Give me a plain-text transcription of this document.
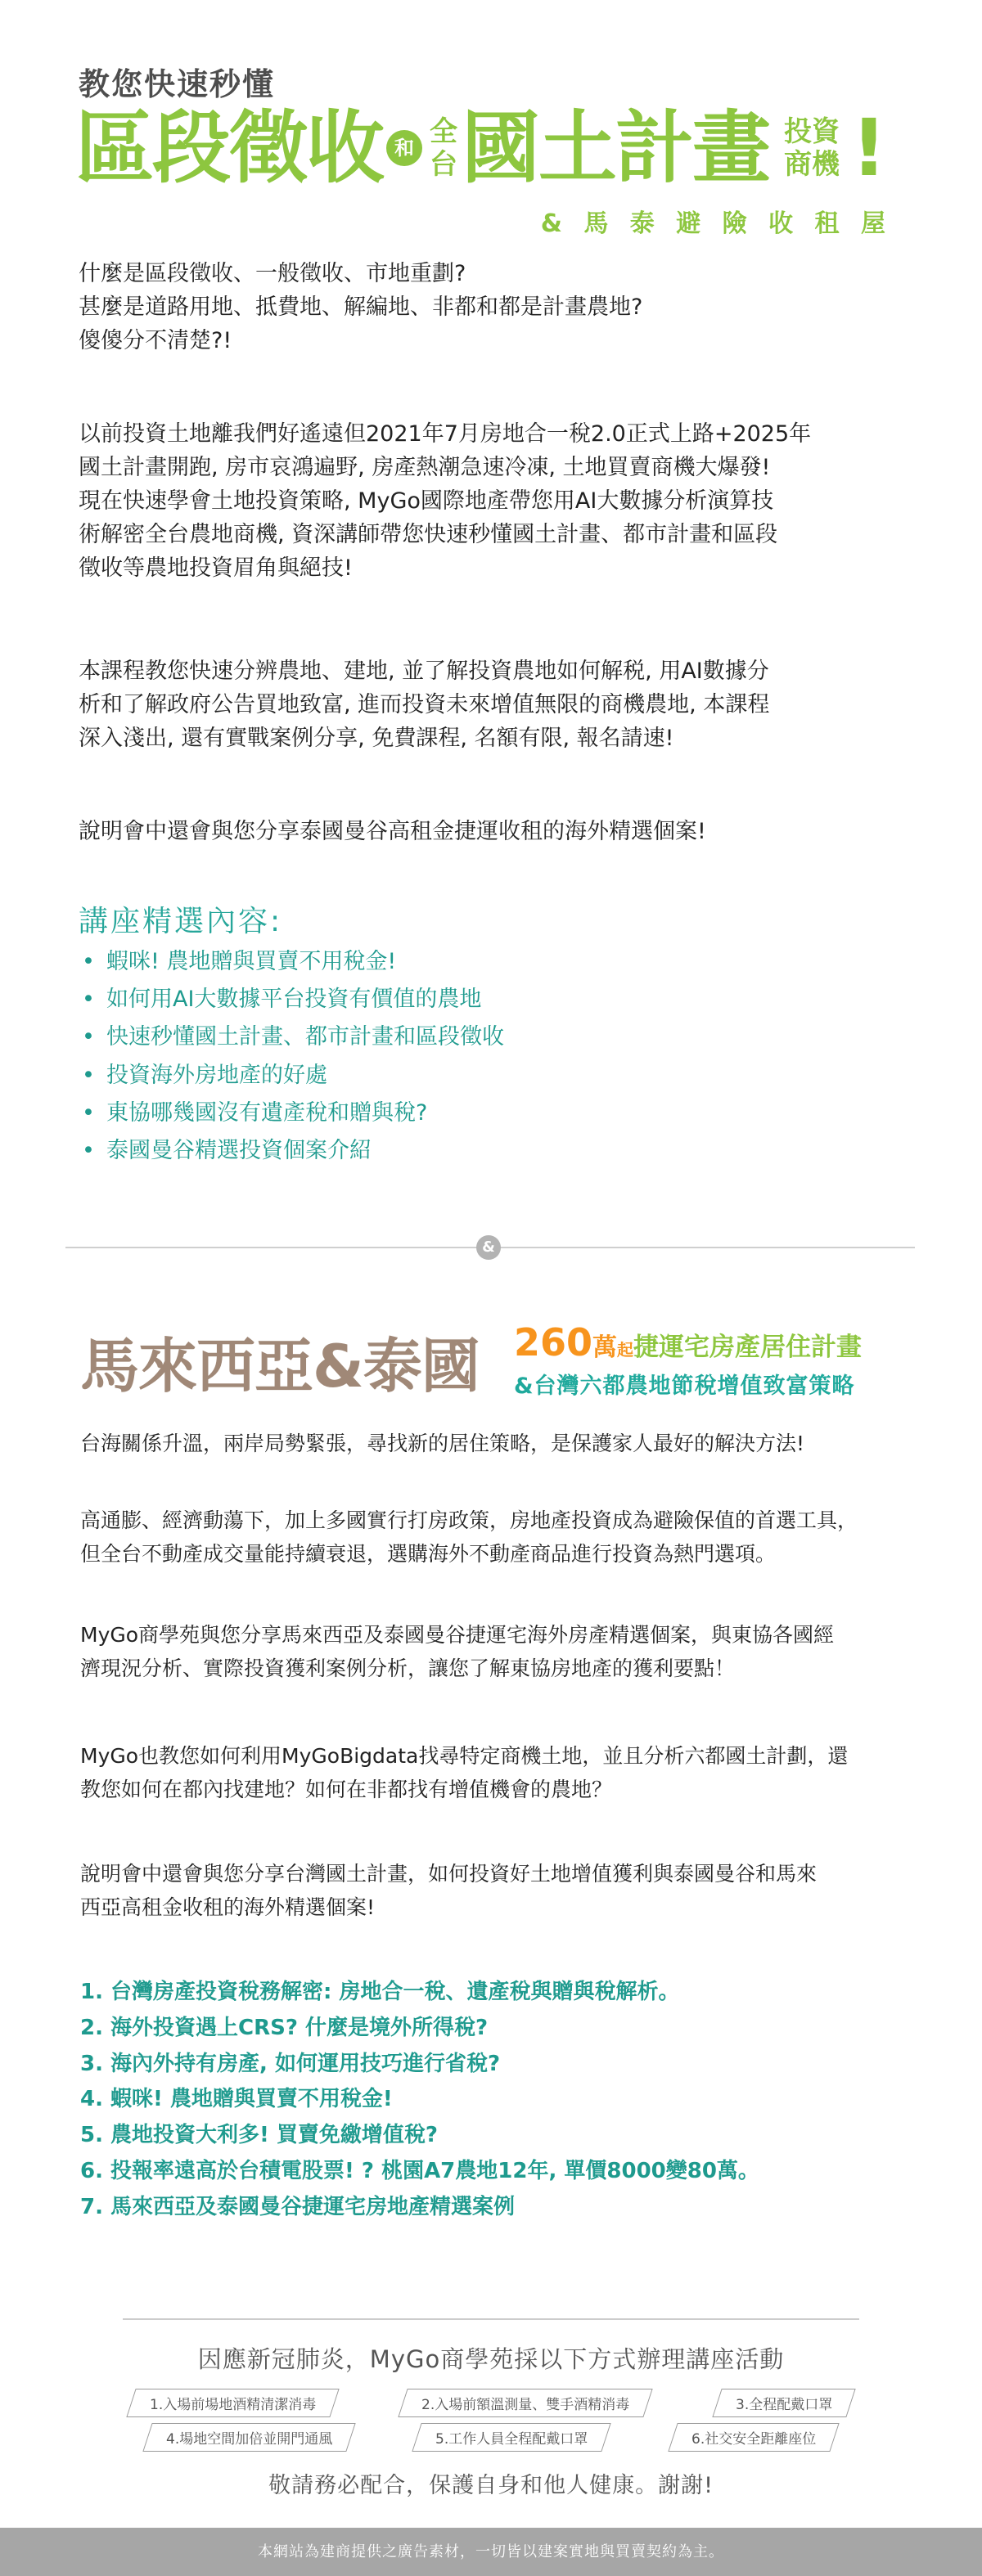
教您快速秒懂
區段徵收 和 全
台 國土計畫 投資
商機 !
& 馬 泰 避 險 收 租 屋
什麼是區段徵收、一般徵收、市地重劃?
甚麼是道路用地、抵費地、解編地、非都和都是計畫農地?
傻傻分不清楚?!
以前投資土地離我們好遙遠但2021年7月房地合一稅2.0正式上路+2025年
國土計畫開跑, 房市哀鴻遍野, 房產熱潮急速冷凍, 土地買賣商機大爆發!
現在快速學會土地投資策略, MyGo國際地產帶您用AI大數據分析演算技
術解密全台農地商機, 資深講師帶您快速秒懂國土計畫、都市計畫和區段
徵收等農地投資眉角與絕技!
本課程教您快速分辨農地、建地, 並了解投資農地如何解税, 用AI數據分
析和了解政府公告買地致富, 進而投資未來增值無限的商機農地, 本課程
深入淺出, 還有實戰案例分享, 免費課程, 名額有限, 報名請速!
說明會中還會與您分享泰國曼谷高租金捷運收租的海外精選個案!
講座精選內容:
• 蝦咪! 農地贈與買賣不用稅金!
• 如何用AI大數據平台投資有價值的農地
• 快速秒懂國土計畫、都市計畫和區段徵收
• 投資海外房地產的好處
• 東協哪幾國沒有遺產稅和贈與稅?
• 泰國曼谷精選投資個案介紹
&
馬來西亞&泰國 260萬起捷運宅房產居住計畫
&台灣六都農地節稅增值致富策略
台海關係升溫，兩岸局勢緊張，尋找新的居住策略，是保護家人最好的解決方法!
高通膨、經濟動蕩下，加上多國實行打房政策，房地產投資成為避險保值的首選工具，
但全台不動產成交量能持續衰退，選購海外不動產商品進行投資為熱門選項。
MyGo商學苑與您分享馬來西亞及泰國曼谷捷運宅海外房產精選個案，與東協各國經
濟現況分析、實際投資獲利案例分析，讓您了解東協房地產的獲利要點！
MyGo也教您如何利用MyGoBigdata找尋特定商機土地，並且分析六都國土計劃，還
教您如何在都內找建地？如何在非都找有增值機會的農地？
說明會中還會與您分享台灣國土計畫，如何投資好土地增值獲利與泰國曼谷和馬來
西亞高租金收租的海外精選個案!
1. 台灣房產投資稅務解密: 房地合一稅、遺產稅與贈與稅解析。
2. 海外投資遇上CRS? 什麼是境外所得稅?
3. 海內外持有房產, 如何運用技巧進行省稅?
4. 蝦咪! 農地贈與買賣不用稅金!
5. 農地投資大利多! 買賣免繳增值稅?
6. 投報率遠高於台積電股票! ? 桃園A7農地12年, 單價8000變80萬。
7. 馬來西亞及泰國曼谷捷運宅房地產精選案例
因應新冠肺炎，MyGo商學苑採以下方式辦理講座活動
1.入場前場地酒精清潔消毒	2.入場前額溫測量、雙手酒精消毒	3.全程配戴口罩
4.場地空間加倍並開門通風	5.工作人員全程配戴口罩	6.社交安全距離座位
敬請務必配合，保護自身和他人健康。謝謝!
本網站為建商提供之廣告素材，一切皆以建案實地與買賣契約為主。
